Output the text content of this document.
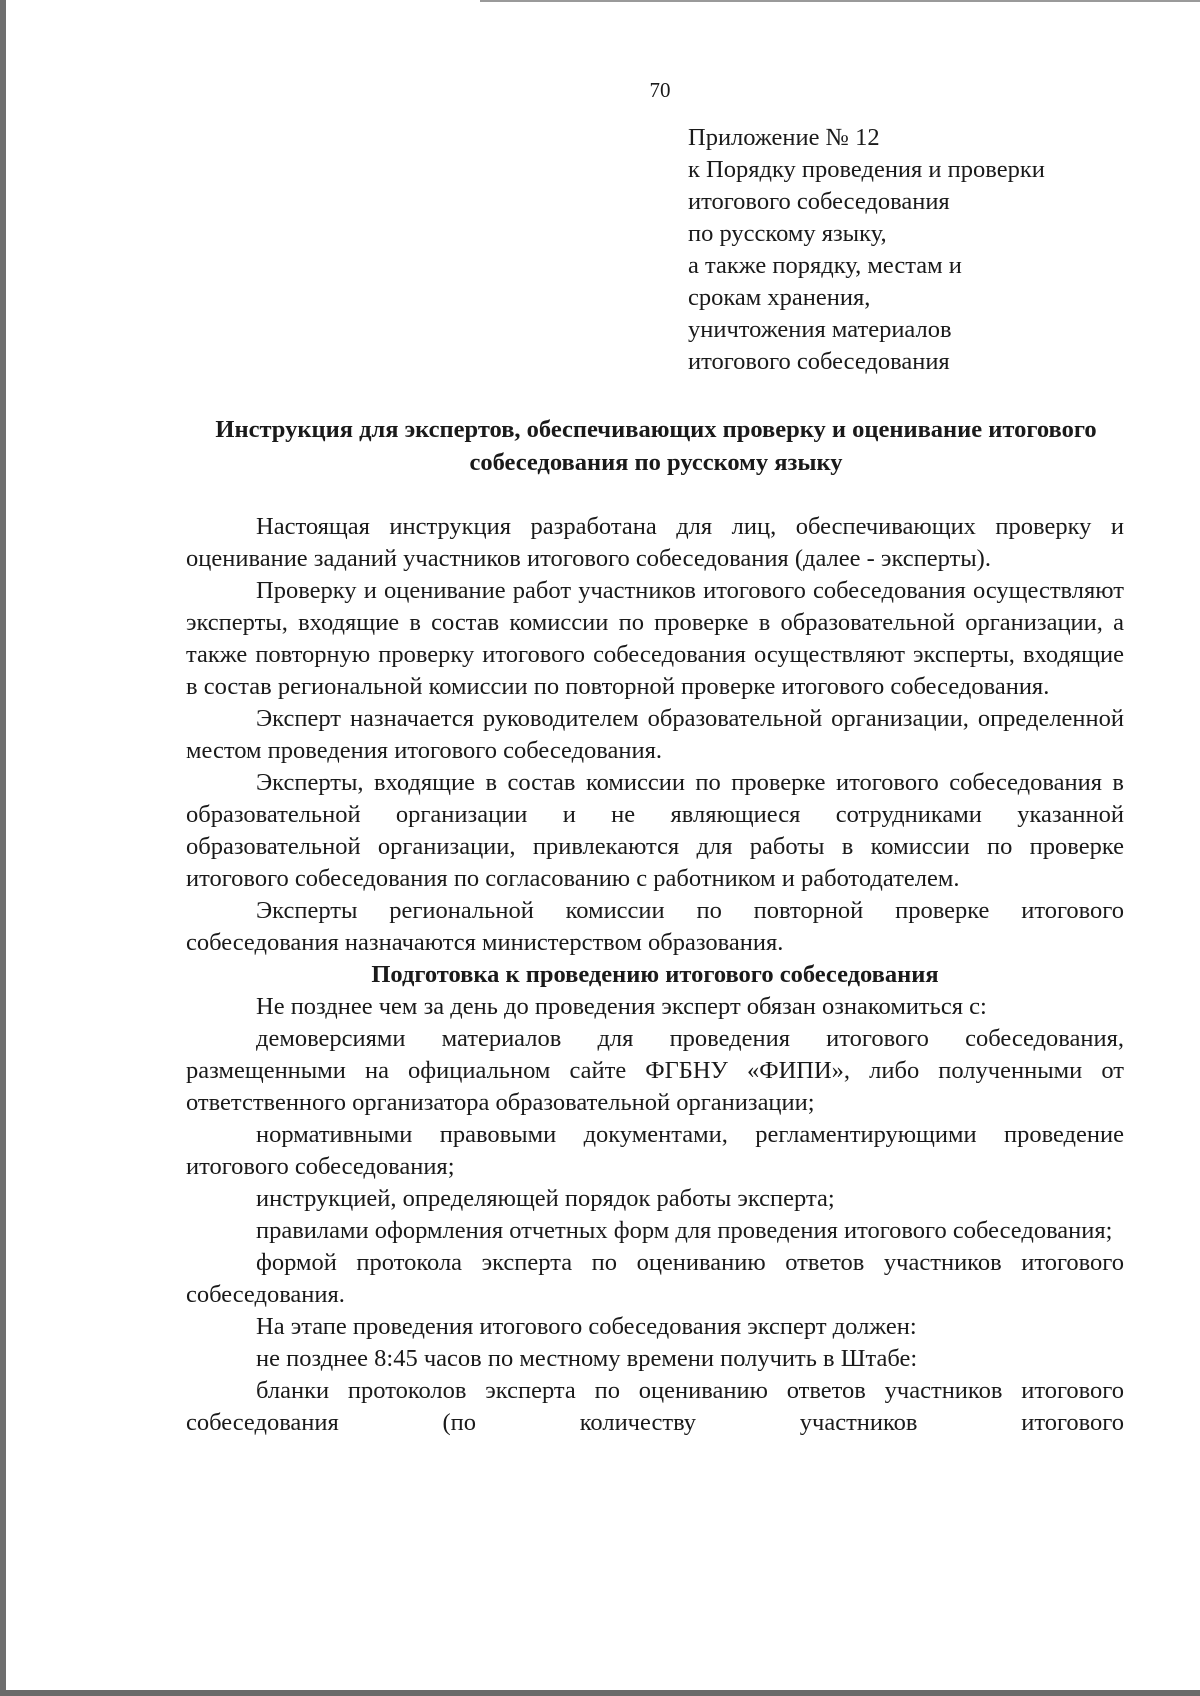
70
Приложение № 12
к Порядку проведения и проверки
итогового собеседования
по русскому языку,
а также порядку, местам и
срокам хранения,
уничтожения материалов
итогового собеседования
Инструкция для экспертов, обеспечивающих проверку и оценивание итогового собеседования по русскому языку

Настоящая инструкция разработана для лиц, обеспечивающих проверку и оценивание заданий участников итогового собеседования (далее - эксперты).

Проверку и оценивание работ участников итогового собеседования осуществляют эксперты, входящие в состав комиссии по проверке в образовательной организации, а также повторную проверку итогового собеседования осуществляют эксперты, входящие в состав региональной комиссии по повторной проверке итогового собеседования.

Эксперт назначается руководителем образовательной организации, определенной местом проведения итогового собеседования.

Эксперты, входящие в состав комиссии по проверке итогового собеседования в образовательной организации и не являющиеся сотрудниками указанной образовательной организации, привлекаются для работы в комиссии по проверке итогового собеседования по согласованию с работником и работодателем.

Эксперты региональной комиссии по повторной проверке итогового собеседования назначаются министерством образования.

Подготовка к проведению итогового собеседования

Не позднее чем за день до проведения эксперт обязан ознакомиться с:

демоверсиями материалов для проведения итогового собеседования, размещенными на официальном сайте ФГБНУ «ФИПИ», либо полученными от ответственного организатора образовательной организации;

нормативными правовыми документами, регламентирующими проведение итогового собеседования;

инструкцией, определяющей порядок работы эксперта;

правилами оформления отчетных форм для проведения итогового собеседования;

формой протокола эксперта по оцениванию ответов участников итогового собеседования.

На этапе проведения итогового собеседования эксперт должен:

не позднее 8:45 часов по местному времени получить в Штабе:

бланки протоколов эксперта по оцениванию ответов участников итогового собеседования (по количеству участников итогового
